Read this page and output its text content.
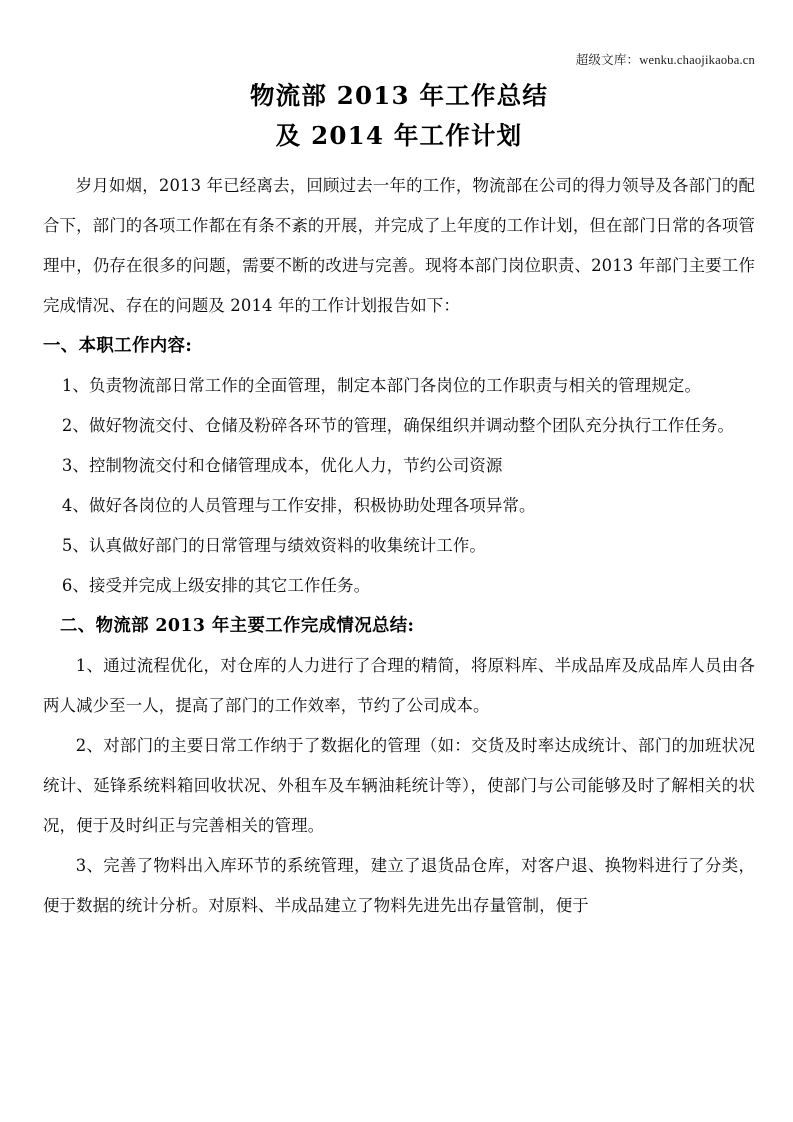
超级文库：wenku.chaojikaoba.cn
物流部 2013 年工作总结
及 2014 年工作计划

岁月如烟，2013 年已经离去，回顾过去一年的工作，物流部在公司的得力领导及各部门的配合下，部门的各项工作都在有条不紊的开展，并完成了上年度的工作计划，但在部门日常的各项管理中，仍存在很多的问题，需要不断的改进与完善。现将本部门岗位职责、2013 年部门主要工作完成情况、存在的问题及 2014 年的工作计划报告如下：

一、本职工作内容:

1、负责物流部日常工作的全面管理，制定本部门各岗位的工作职责与相关的管理规定。

2、做好物流交付、仓储及粉碎各环节的管理，确保组织并调动整个团队充分执行工作任务。

3、控制物流交付和仓储管理成本，优化人力，节约公司资源

4、做好各岗位的人员管理与工作安排，积极协助处理各项异常。

5、认真做好部门的日常管理与绩效资料的收集统计工作。

6、接受并完成上级安排的其它工作任务。

二、物流部 2013 年主要工作完成情况总结:

1、通过流程优化，对仓库的人力进行了合理的精简，将原料库、半成品库及成品库人员由各两人减少至一人，提高了部门的工作效率，节约了公司成本。

2、对部门的主要日常工作纳于了数据化的管理（如：交货及时率达成统计、部门的加班状况统计、延锋系统料箱回收状况、外租车及车辆油耗统计等），使部门与公司能够及时了解相关的状况，便于及时纠正与完善相关的管理。

3、完善了物料出入库环节的系统管理，建立了退货品仓库，对客户退、换物料进行了分类，便于数据的统计分析。对原料、半成品建立了物料先进先出存量管制，便于
